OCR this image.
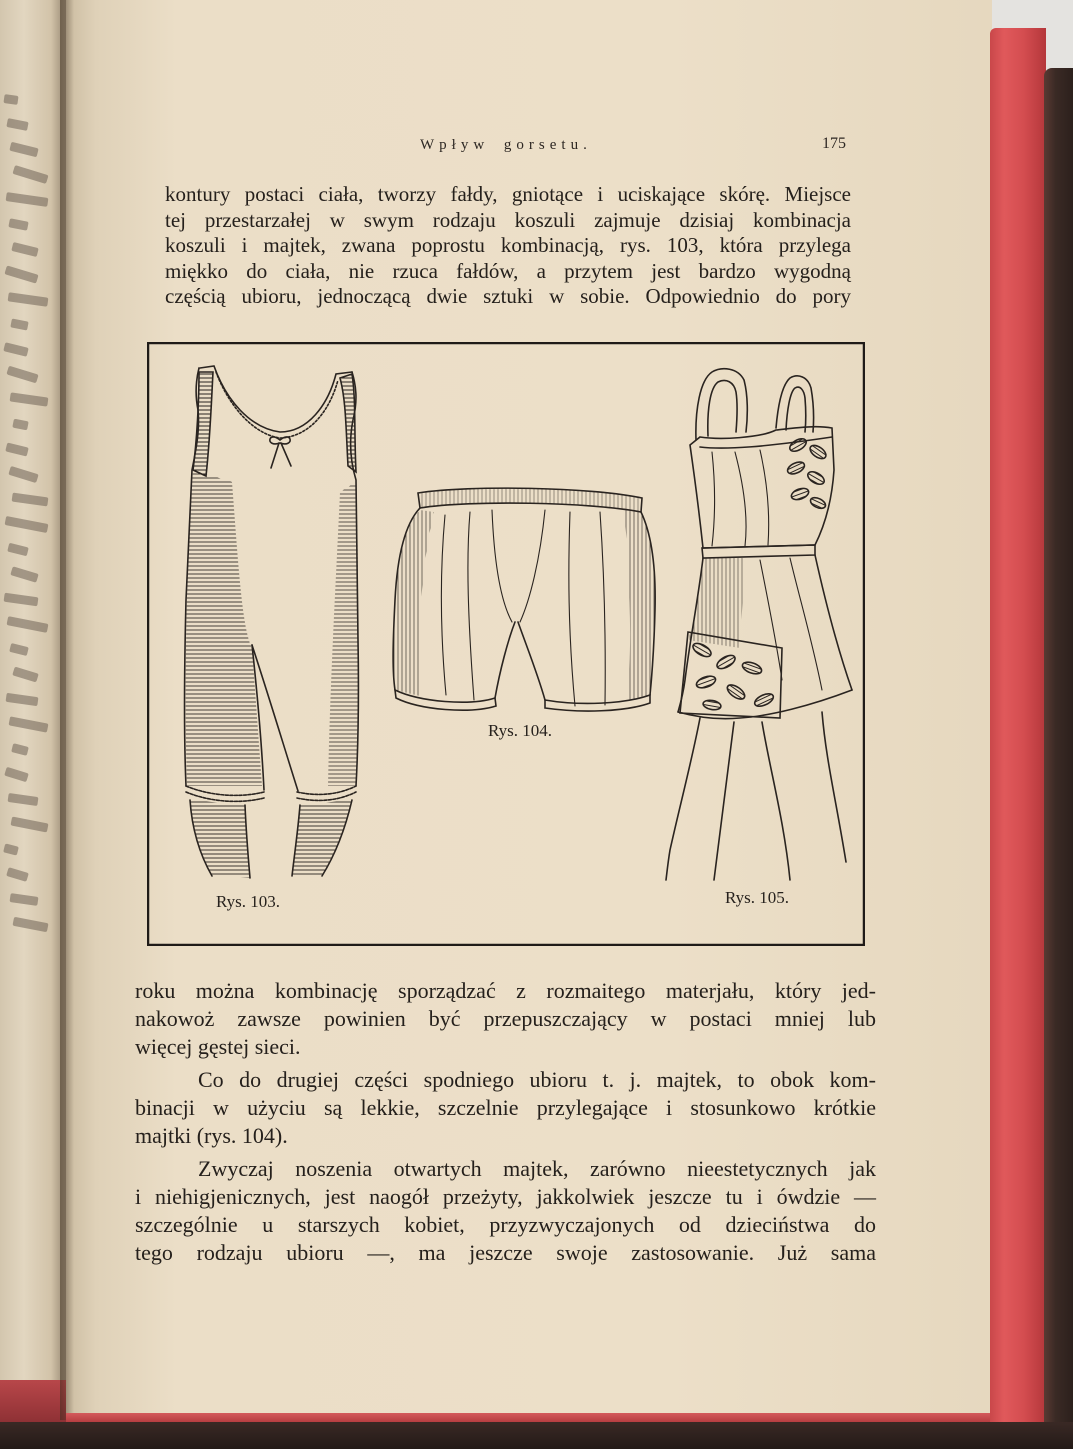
Wpływ gorsetu.	175
kontury postaci ciała, tworzy fałdy, gniotące i uciskające skórę. Miejsce
tej przestarzałej w swym rodzaju koszuli zajmuje dzisiaj kombinacja
koszuli i majtek, zwana poprostu kombinacją, rys. 103, która przylega
miękko do ciała, nie rzuca fałdów, a przytem jest bardzo wygodną
częścią ubioru, jednoczącą dwie sztuki w sobie. Odpowiednio do pory
Rys. 103.
Rys. 104.
Rys. 105.
roku można kombinację sporządzać z rozmaitego materjału, który jed-
nakowoż zawsze powinien być przepuszczający w postaci mniej lub
więcej gęstej sieci.
Co do drugiej części spodniego ubioru t. j. majtek, to obok kom-
binacji w użyciu są lekkie, szczelnie przylegające i stosunkowo krótkie
majtki (rys. 104).
Zwyczaj noszenia otwartych majtek, zarówno nieestetycznych jak
i niehigjenicznych, jest naogół przeżyty, jakkolwiek jeszcze tu i ówdzie —
szczególnie u starszych kobiet, przyzwyczajonych od dzieciństwa do
tego rodzaju ubioru —, ma jeszcze swoje zastosowanie. Już sama
